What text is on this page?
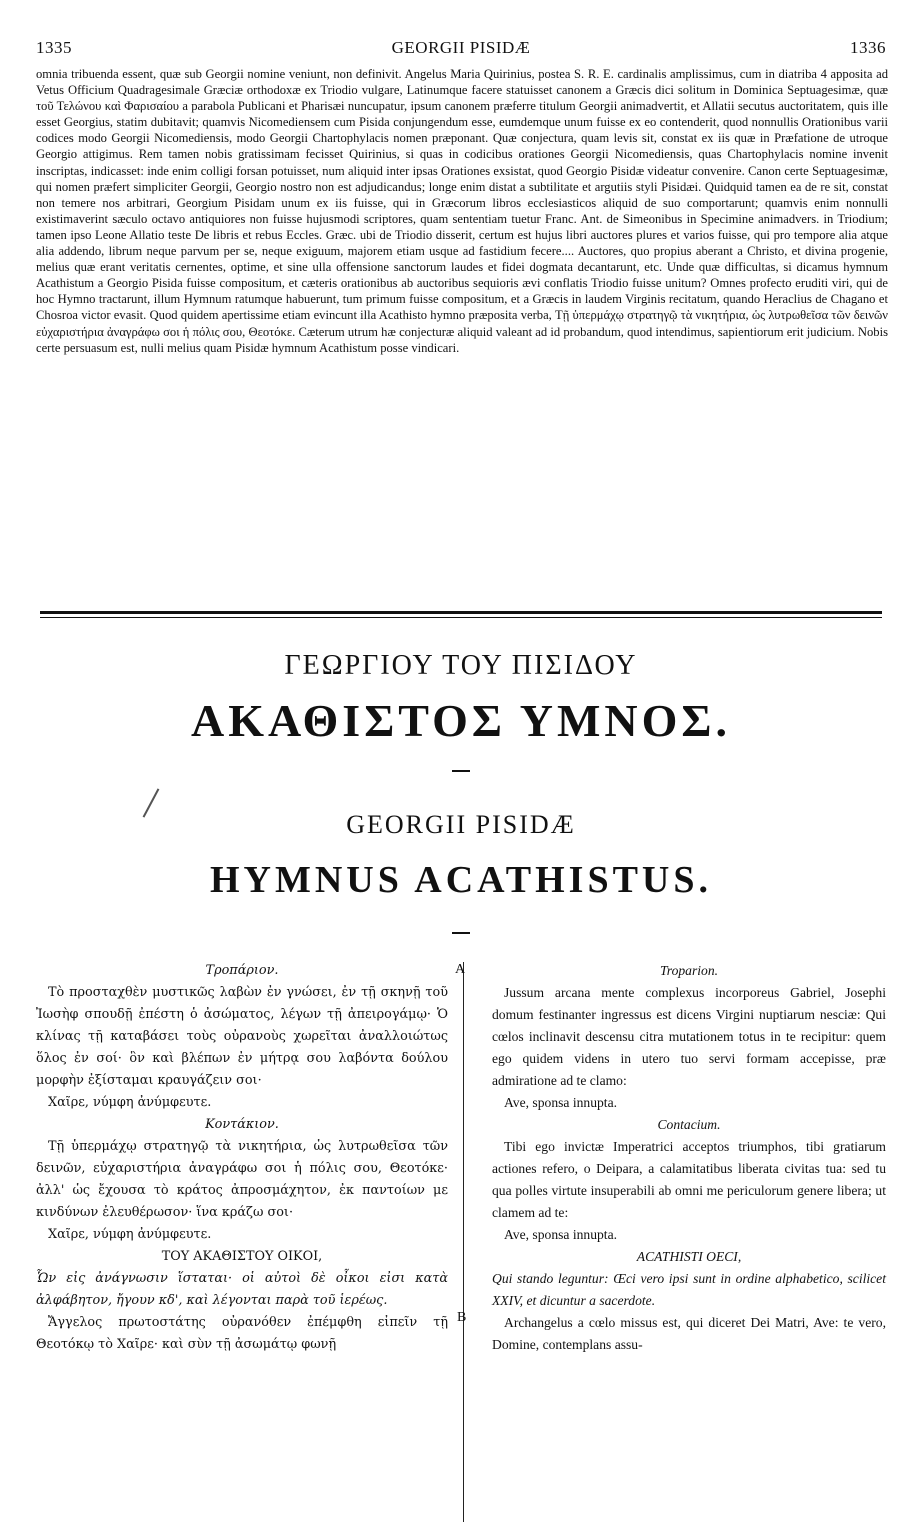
1335	GEORGII PISIDÆ	1336

omnia tribuenda essent, quæ sub Georgii nomine veniunt, non definivit. Angelus Maria Quirinius, postea S. R. E. cardinalis amplissimus, cum in diatriba 4 apposita ad Vetus Officium Quadragesimale Græciæ orthodoxæ ex Triodio vulgare, Latinumque facere statuisset canonem a Græcis dici solitum in Dominica Septuagesimæ, quæ τοῦ Τελώνου καὶ Φαρισαίου a parabola Publicani et Pharisæi nuncupatur, ipsum canonem præferre titulum Georgii animadvertit, et Allatii secutus auctoritatem, quis ille esset Georgius, statim dubitavit; quamvis Nicomediensem cum Pisida conjungendum esse, eumdemque unum fuisse ex eo contenderit, quod nonnullis Orationibus varii codices modo Georgii Nicomediensis, modo Georgii Chartophylacis nomen præponant. Quæ conjectura, quam levis sit, constat ex iis quæ in Præfatione de utroque Georgio attigimus. Rem tamen nobis gratissimam fecisset Quirinius, si quas in codicibus orationes Georgii Nicomediensis, quas Chartophylacis nomine invenit inscriptas, indicasset: inde enim colligi forsan potuisset, num aliquid inter ipsas Orationes exsistat, quod Georgio Pisidæ videatur convenire. Canon certe Septuagesimæ, qui nomen præfert simpliciter Georgii, Georgio nostro non est adjudicandus; longe enim distat a subtilitate et argutiis styli Pisidæi. Quidquid tamen ea de re sit, constat non temere nos arbitrari, Georgium Pisidam unum ex iis fuisse, qui in Græcorum libros ecclesiasticos aliquid de suo comportarunt; quamvis enim nonnulli existimaverint sæculo octavo antiquiores non fuisse hujusmodi scriptores, quam sententiam tuetur Franc. Ant. de Simeonibus in Specimine animadvers. in Triodium; tamen ipso Leone Allatio teste De libris et rebus Eccles. Græc. ubi de Triodio disserit, certum est hujus libri auctores plures et varios fuisse, qui pro tempore alia atque alia addendo, librum neque parvum per se, neque exiguum, majorem etiam usque ad fastidium fecere.... Auctores, quo propius aberant a Christo, et divina progenie, melius quæ erant veritatis cernentes, optime, et sine ulla offensione sanctorum laudes et fidei dogmata decantarunt, etc. Unde quæ difficultas, si dicamus hymnum Acathistum a Georgio Pisida fuisse compositum, et cæteris orationibus ab auctoribus sequioris ævi conflatis Triodio fuisse unitum? Omnes profecto eruditi viri, qui de hoc Hymno tractarunt, illum Hymnum ratumque habuerunt, tum primum fuisse compositum, et a Græcis in laudem Virginis recitatum, quando Heraclius de Chagano et Chosroa victor evasit. Quod quidem apertissime etiam evincunt illa Acathisto hymno præposita verba, Τῇ ὑπερμάχῳ στρατηγῷ τὰ νικητήρια, ὡς λυτρωθεῖσα τῶν δεινῶν εὐχαριστήρια ἀναγράφω σοι ἡ πόλις σου, Θεοτόκε. Cæterum utrum hæ conjecturæ aliquid valeant ad id probandum, quod intendimus, sapientiorum erit judicium. Nobis certe persuasum est, nulli melius quam Pisidæ hymnum Acathistum posse vindicari.

ΓΕΩΡΓΙΟΥ ΤΟΥ ΠΙΣΙΔΟΥ
ΑΚΑΘΙΣΤΟΣ ΥΜΝΟΣ.
GEORGII PISIDÆ
HYMNUS ACATHISTUS.
A
B

Τροπάριον.

Τὸ προσταχθὲν μυστικῶς λαβὼν ἐν γνώσει, ἐν τῇ σκηνῇ τοῦ Ἰωσὴφ σπουδῇ ἐπέστη ὁ ἀσώματος, λέγων τῇ ἀπειρογάμῳ· Ὁ κλίνας τῇ καταβάσει τοὺς οὐρανοὺς χωρεῖται ἀναλλοιώτως ὅλος ἐν σοί· ὃν καὶ βλέπων ἐν μήτρᾳ σου λαβόντα δούλου μορφὴν ἐξίσταμαι κραυγάζειν σοι·

Χαῖρε, νύμφη ἀνύμφευτε.

Κοντάκιον.

Τῇ ὑπερμάχῳ στρατηγῷ τὰ νικητήρια, ὡς λυτρωθεῖσα τῶν δεινῶν, εὐχαριστήρια ἀναγράφω σοι ἡ πόλις σου, Θεοτόκε· ἀλλ' ὡς ἔχουσα τὸ κράτος ἀπροσμάχητον, ἐκ παντοίων με κινδύνων ἐλευθέρωσον· ἵνα κράζω σοι·

Χαῖρε, νύμφη ἀνύμφευτε.

ΤΟΥ ΑΚΑΘΙΣΤΟΥ ΟΙΚΟΙ,

Ὧν εἰς ἀνάγνωσιν ἵσταται· οἱ αὐτοὶ δὲ οἶκοι εἰσι κατὰ ἀλφάβητον, ἤγουν κδ', καὶ λέγονται παρὰ τοῦ ἱερέως.

Ἄγγελος πρωτοστάτης οὐρανόθεν ἐπέμφθη εἰπεῖν τῇ Θεοτόκῳ τὸ Χαῖρε· καὶ σὺν τῇ ἀσωμάτῳ φωνῇ

Troparion.

Jussum arcana mente complexus incorporeus Gabriel, Josephi domum festinanter ingressus est dicens Virgini nuptiarum nesciæ: Qui cœlos inclinavit descensu citra mutationem totus in te recipitur: quem ego quidem videns in utero tuo servi formam accepisse, præ admiratione ad te clamo:

Ave, sponsa innupta.

Contacium.

Tibi ego invictæ Imperatrici acceptos triumphos, tibi gratiarum actiones refero, o Deipara, a calamitatibus liberata civitas tua: sed tu qua polles virtute insuperabili ab omni me periculorum genere libera; ut clamem ad te:

Ave, sponsa innupta.

ACATHISTI OECI,

Qui stando leguntur: Œci vero ipsi sunt in ordine alphabetico, scilicet XXIV, et dicuntur a sacerdote.

Archangelus a cœlo missus est, qui diceret Dei Matri, Ave: te vero, Domine, contemplans assu-
